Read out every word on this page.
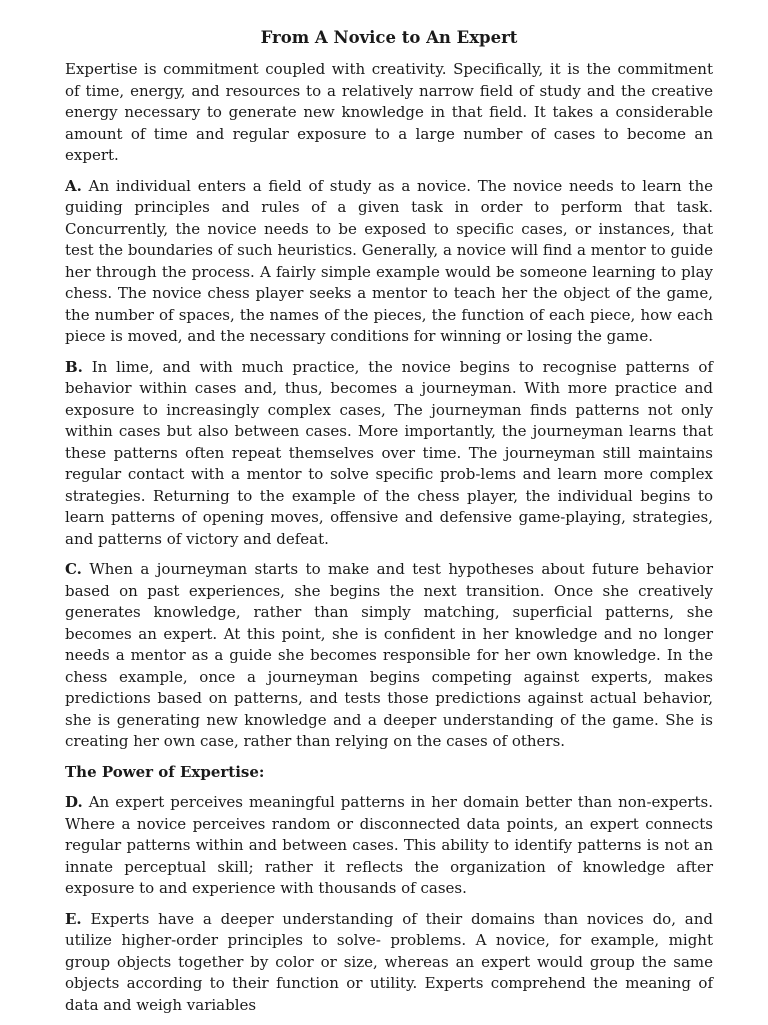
From A Novice to An Expert

Expertise is commitment coupled with creativity. Specifically, it is the commitment of time, energy, and resources to a relatively narrow field of study and the creative energy necessary to generate new knowledge in that field. It takes a considerable amount of time and regular exposure to a large number of cases to become an expert.

A. An individual enters a field of study as a novice. The novice needs to learn the guiding principles and rules of a given task in order to perform that task. Concurrently, the novice needs to be exposed to specific cases, or instances, that test the boundaries of such heuristics. Generally, a novice will find a mentor to guide her through the process. A fairly simple example would be someone learning to play chess. The novice chess player seeks a mentor to teach her the object of the game, the number of spaces, the names of the pieces, the function of each piece, how each piece is moved, and the necessary conditions for winning or losing the game.

B. In lime, and with much practice, the novice begins to recognise patterns of behavior within cases and, thus, becomes a journeyman. With more practice and exposure to increasingly complex cases, The journeyman finds patterns not only within cases but also between cases. More importantly, the journeyman learns that these patterns often repeat themselves over time. The journeyman still maintains regular contact with a mentor to solve specific prob-lems and learn more complex strategies. Returning to the example of the chess player, the individual begins to learn patterns of opening moves, offensive and defensive game-playing, strategies, and patterns of victory and defeat.

C. When a journeyman starts to make and test hypotheses about future behavior based on past experiences, she begins the next transition. Once she creatively generates knowledge, rather than simply matching, superficial patterns, she becomes an expert. At this point, she is confident in her knowledge and no longer needs a mentor as a guide she becomes responsible for her own knowledge. In the chess example, once a journeyman begins competing against experts, makes predictions based on patterns, and tests those predictions against actual behavior, she is generating new knowledge and a deeper understanding of the game. She is creating her own case, rather than relying on the cases of others.

The Power of Expertise:

D. An expert perceives meaningful patterns in her domain better than non-experts. Where a novice perceives random or disconnected data points, an expert connects regular patterns within and between cases. This ability to identify patterns is not an innate perceptual skill; rather it reflects the organization of knowledge after exposure to and experience with thousands of cases.

E. Experts have a deeper understanding of their domains than novices do, and utilize higher-order principles to solve- problems. A novice, for example, might group objects together by color or size, whereas an expert would group the same objects according to their function or utility. Experts comprehend the meaning of data and weigh variables
